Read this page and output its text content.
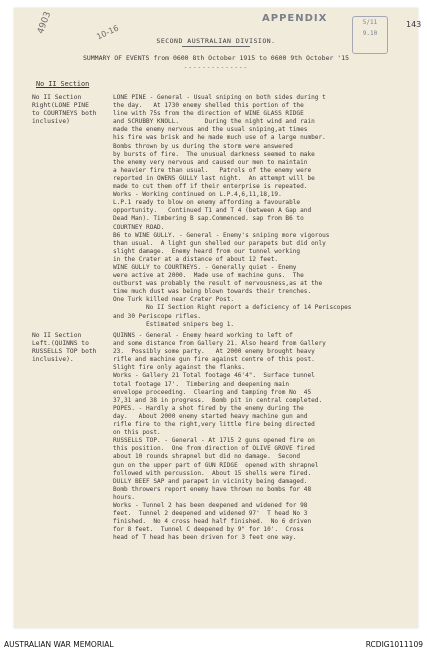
4903	10-16
APPENDIX	5/11
9.10
143
SECOND AUSTRALIAN DIVISION.
SUMMARY OF EVENTS from 0600 8th October 1915 to 0600 9th October '15
--------------
No II Section
No II Section
Right(LONE PINE
to COURTNEYS both
inclusive)
LONE PINE - General - Usual sniping on both sides during t
the day.   At 1730 enemy shelled this portion of the
line with 75s from the direction of WINE GLASS RIDGE
and SCRUBBY KNOLL.       During the night wind and rain
made the enemy nervous and the usual sniping,at times
his fire was brisk and he made much use of a large number.
Bombs thrown by us during the storm were answered
by bursts of fire.  The unusual darkness seemed to make
the enemy very nervous and caused our men to maintain
a heavier fire than usual.   Patrols of the enemy were
reported in OWENS GULLY last night.  An attempt will be
made to cut them off if their enterprise is repeated.
Works - Working continued on L.P.4,6,11,18,19.
L.P.1 ready to blow on enemy affording a favourable
opportunity.   Continued T1 and T 4 (between A Gap and
Dead Man). Timbering B sap.Commenced. sap from B6 to
COURTNEY ROAD.
B6 to WINE GULLY. - General - Enemy's sniping more vigorous
than usual.  A light gun shelled our parapets but did only
slight damage.  Enemy heard from our tunnel working
in the Crater at a distance of about 12 feet.
WINE GULLY to COURTNEYS. - Generally quiet - Enemy
were active at 2000.  Made use of machine guns.  The
outburst was probably the result of nervousness,as at the
time much dust was being blown towards their trenches.
One Turk killed near Crater Post.
No II Section Right report a deficiency of 14 Periscopes
and 30 Periscope rifles.
Estimated snipers beg 1.
No II Section
Left.(QUINNS to
RUSSELLS TOP both
inclusive).
QUINNS - General - Enemy heard working to left of
and some distance from Gallery 21. Also heard from Gallery
23.  Possibly some party.   At 2000 enemy brought heavy
rifle and machine gun fire against centre of this post.
Slight fire only against the flanks.
Works - Gallery 21 Total footage 46'4".  Surface tunnel
total footage 17'.  Timbering and deepening main
envelope proceeding.  Clearing and tamping from No  45
37,31 and 38 in progress.  Bomb pit in central completed.
POPES. - Hardly a shot fired by the enemy during the
day.   About 2000 enemy started heavy machine gun and
rifle fire to the right,very little fire being directed
on this post.
RUSSELLS TOP. - General - At 1715 2 guns opened fire on
this position.  One from direction of OLIVE GROVE fired
about 10 rounds shrapnel but did no damage.  Second
gun on the upper part of GUN RIDGE  opened with shrapnel
followed with percussion.  About 15 shells were fired.
DULLY BEEF SAP and parapet in vicinity being damaged.
Bomb throwers report enemy have thrown no bombs for 48
hours.
Works - Tunnel 2 has been deepened and widened for 98
feet.  Tunnel 2 deepened and widened 97'  T head No 3
finished.  No 4 cross head half finished.  No 6 driven
for 8 feet.  Tunnel C deepened by 9" for 10'.  Cross
head of T head has been driven for 3 feet one way.
AUSTRALIAN WAR MEMORIAL	RCDIG1011109
